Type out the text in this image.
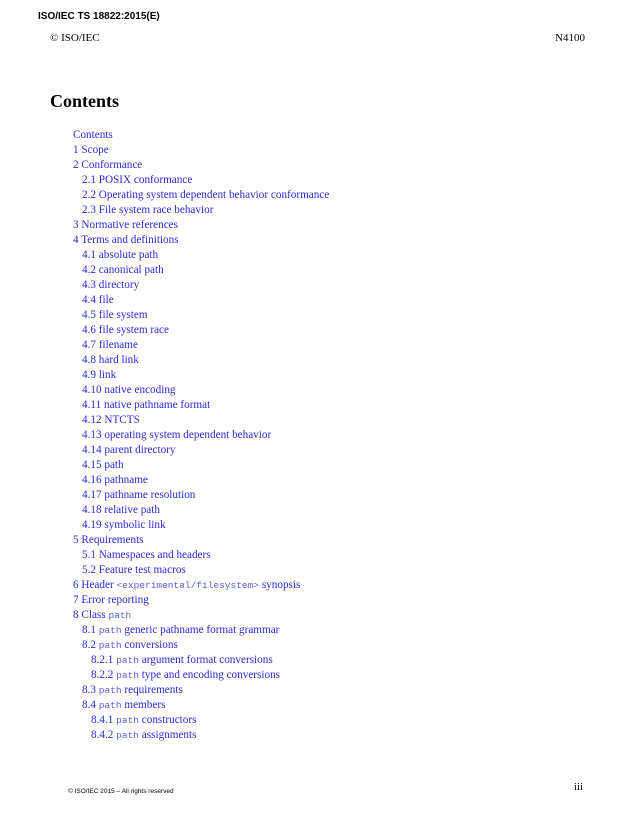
ISO/IEC TS 18822:2015(E)
© ISO/IEC	N4100
Contents
Contents
1 Scope
2 Conformance
2.1 POSIX conformance
2.2 Operating system dependent behavior conformance
2.3 File system race behavior
3 Normative references
4 Terms and definitions
4.1 absolute path
4.2 canonical path
4.3 directory
4.4 file
4.5 file system
4.6 file system race
4.7 filename
4.8 hard link
4.9 link
4.10 native encoding
4.11 native pathname format
4.12 NTCTS
4.13 operating system dependent behavior
4.14 parent directory
4.15 path
4.16 pathname
4.17 pathname resolution
4.18 relative path
4.19 symbolic link
5 Requirements
5.1 Namespaces and headers
5.2 Feature test macros
6 Header <experimental/filesystem> synopsis
7 Error reporting
8 Class path
8.1 path generic pathname format grammar
8.2 path conversions
8.2.1 path argument format conversions
8.2.2 path type and encoding conversions
8.3 path requirements
8.4 path members
8.4.1 path constructors
8.4.2 path assignments
© ISO/IEC 2015 – All rights reserved	iii
